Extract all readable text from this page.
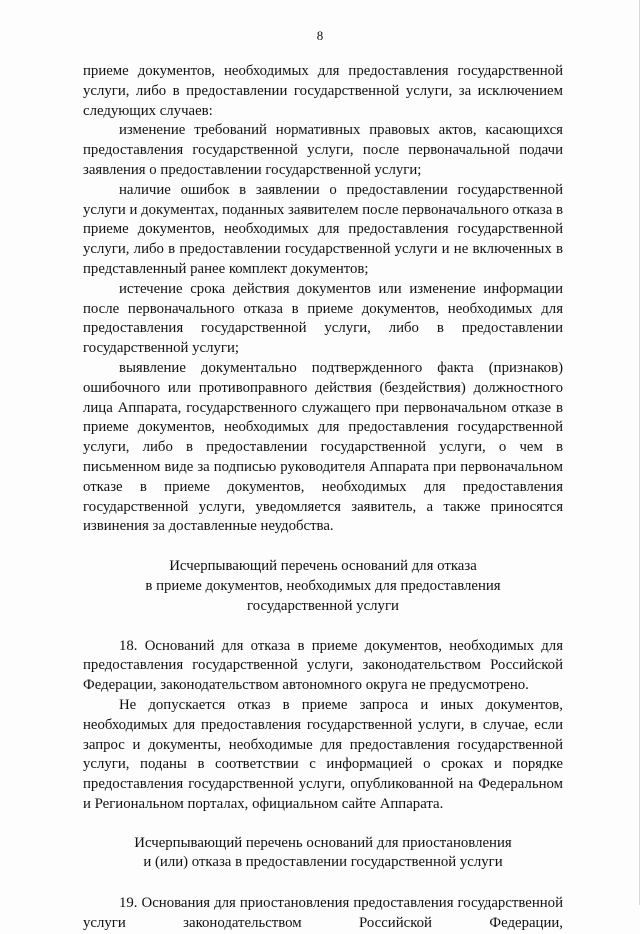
8

приеме документов, необходимых для предоставления государственной услуги, либо в предоставлении государственной услуги, за исключением следующих случаев:

изменение требований нормативных правовых актов, касающихся предоставления государственной услуги, после первоначальной подачи заявления о предоставлении государственной услуги;

наличие ошибок в заявлении о предоставлении государственной услуги и документах, поданных заявителем после первоначального отказа в приеме документов, необходимых для предоставления государственной услуги, либо в предоставлении государственной услуги и не включенных в представленный ранее комплект документов;

истечение срока действия документов или изменение информации после первоначального отказа в приеме документов, необходимых для предоставления государственной услуги, либо в предоставлении государственной услуги;

выявление документально подтвержденного факта (признаков) ошибочного или противоправного действия (бездействия) должностного лица Аппарата, государственного служащего при первоначальном отказе в приеме документов, необходимых для предоставления государственной услуги, либо в предоставлении государственной услуги, о чем в письменном виде за подписью руководителя Аппарата при первоначальном отказе в приеме документов, необходимых для предоставления государственной услуги, уведомляется заявитель, а также приносятся извинения за доставленные неудобства.

Исчерпывающий перечень оснований для отказа

в приеме документов, необходимых для предоставления

государственной услуги

18. Оснований для отказа в приеме документов, необходимых для предоставления государственной услуги, законодательством Российской Федерации, законодательством автономного округа не предусмотрено.

Не допускается отказ в приеме запроса и иных документов, необходимых для предоставления государственной услуги, в случае, если запрос и документы, необходимые для предоставления государственной услуги, поданы в соответствии с информацией о сроках и порядке предоставления государственной услуги, опубликованной на Федеральном и Региональном порталах, официальном сайте Аппарата.

Исчерпывающий перечень оснований для приостановления

и (или) отказа в предоставлении государственной услуги

19. Основания для приостановления предоставления государственной услуги законодательством Российской Федерации,
